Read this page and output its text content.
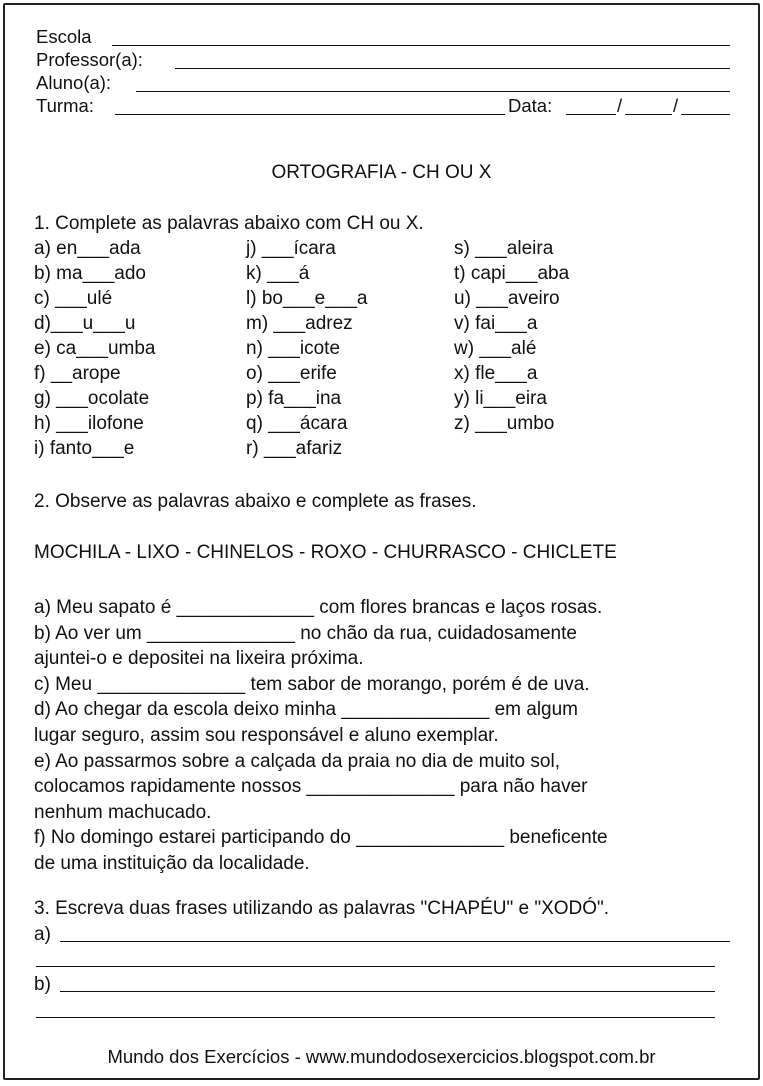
Escola
Professor(a):
Aluno(a):
Turma:	Data:	/	/
ORTOGRAFIA - CH OU X
1. Complete as palavras abaixo com CH ou X.
a) en___ada
b) ma___ado
c) ___ulé
d)___u___u
e) ca___umba
f) __arope
g) ___ocolate
h) ___ilofone
i) fanto___e
j) ___ícara
k) ___á
l) bo___e___a
m) ___adrez
n) ___icote
o) ___erife
p) fa___ina
q) ___ácara
r) ___afariz
s) ___aleira
t) capi___aba
u) ___aveiro
v) fai___a
w) ___alé
x) fle___a
y) li___eira
z) ___umbo
2. Observe as palavras abaixo e complete as frases.
MOCHILA - LIXO - CHINELOS - ROXO - CHURRASCO - CHICLETE
a) Meu sapato é _____________ com flores brancas e laços rosas.
b) Ao ver um ______________ no chão da rua, cuidadosamente
ajuntei-o e depositei na lixeira próxima.
c) Meu ______________ tem sabor de morango, porém é de uva.
d) Ao chegar da escola deixo minha ______________ em algum
lugar seguro, assim sou responsável e aluno exemplar.
e) Ao passarmos sobre a calçada da praia no dia de muito sol,
colocamos rapidamente nossos ______________ para não haver
nenhum machucado.
f) No domingo estarei participando do ______________ beneficente
de uma instituição da localidade.
3. Escreva duas frases utilizando as palavras "CHAPÉU" e "XODÓ".
a)
b)
Mundo dos Exercícios - www.mundodosexercicios.blogspot.com.br
